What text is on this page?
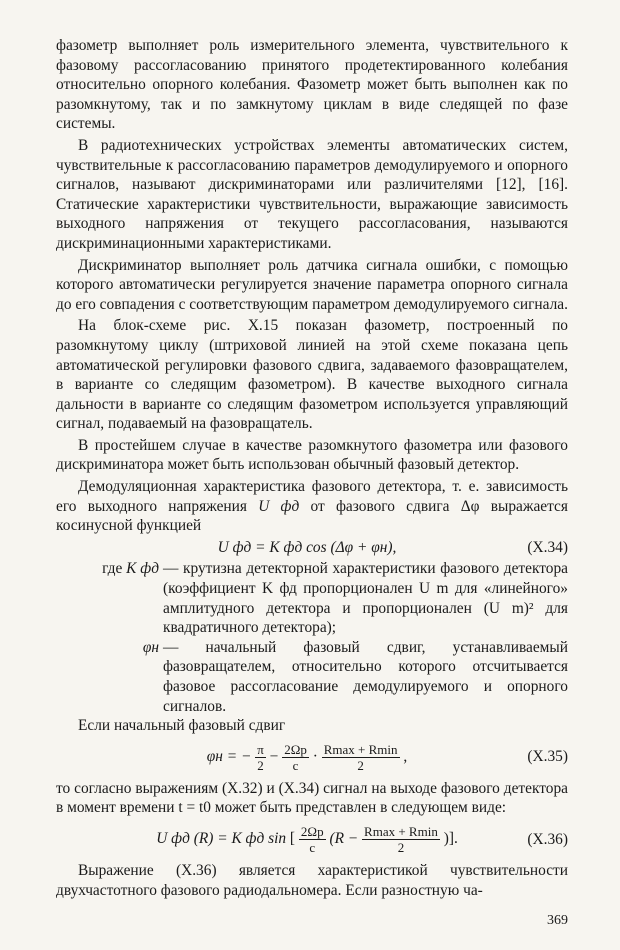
фазометр выполняет роль измерительного элемента, чувствительного к фазовому рассогласованию принятого продетектированного колебания относительно опорного колебания. Фазометр может быть выполнен как по разомкнутому, так и по замкнутому циклам в виде следящей по фазе системы.

В радиотехнических устройствах элементы автоматических систем, чувствительные к рассогласованию параметров демодулируемого и опорного сигналов, называют дискриминаторами или различителями [12], [16]. Статические характеристики чувствительности, выражающие зависимость выходного напряжения от текущего рассогласования, называются дискриминационными характеристиками.

Дискриминатор выполняет роль датчика сигнала ошибки, с помощью которого автоматически регулируется значение параметра опорного сигнала до его совпадения с соответствующим параметром демодулируемого сигнала.

На блок-схеме рис. X.15 показан фазометр, построенный по разомкнутому циклу (штриховой линией на этой схеме показана цепь автоматической регулировки фазового сдвига, задаваемого фазовращателем, в варианте со следящим фазометром). В качестве выходного сигнала дальности в варианте со следящим фазометром используется управляющий сигнал, подаваемый на фазовращатель.

В простейшем случае в качестве разомкнутого фазометра или фазового дискриминатора может быть использован обычный фазовый детектор.

Демодуляционная характеристика фазового детектора, т. е. зависимость его выходного напряжения U фд от фазового сдвига Δφ выражается косинусной функцией

U фд = K фд cos (Δφ + φн),	(X.34)
где K фд — крутизна детекторной характеристики фазового детектора (коэффициент K фд пропорционален U m для «линейного» амплитудного детектора и пропорционален (U m)² для квадратичного детектора);
φн — начальный фазовый сдвиг, устанавливаемый фазовращателем, относительно которого отсчитывается фазовое рассогласование демодулируемого и опорного сигналов.

Если начальный фазовый сдвиг

φн = − $\frac{\pi}{2} - \frac{2\Omega p}{c} \cdot \frac{Rmax + Rmin}{2}$ ,	(X.35)

то согласно выражениям (X.32) и (X.34) сигнал на выходе фазового детектора в момент времени t = t0 может быть представлен в следующем виде:

U фд (R) = K фд sin [ $\frac{2\Omega p}{c} (R - \frac{Rmax + Rmin}{2}$ )].	(X.36)

Выражение (X.36) является характеристикой чувствительности двухчастотного фазового радиодальномера. Если разностную ча-

369
